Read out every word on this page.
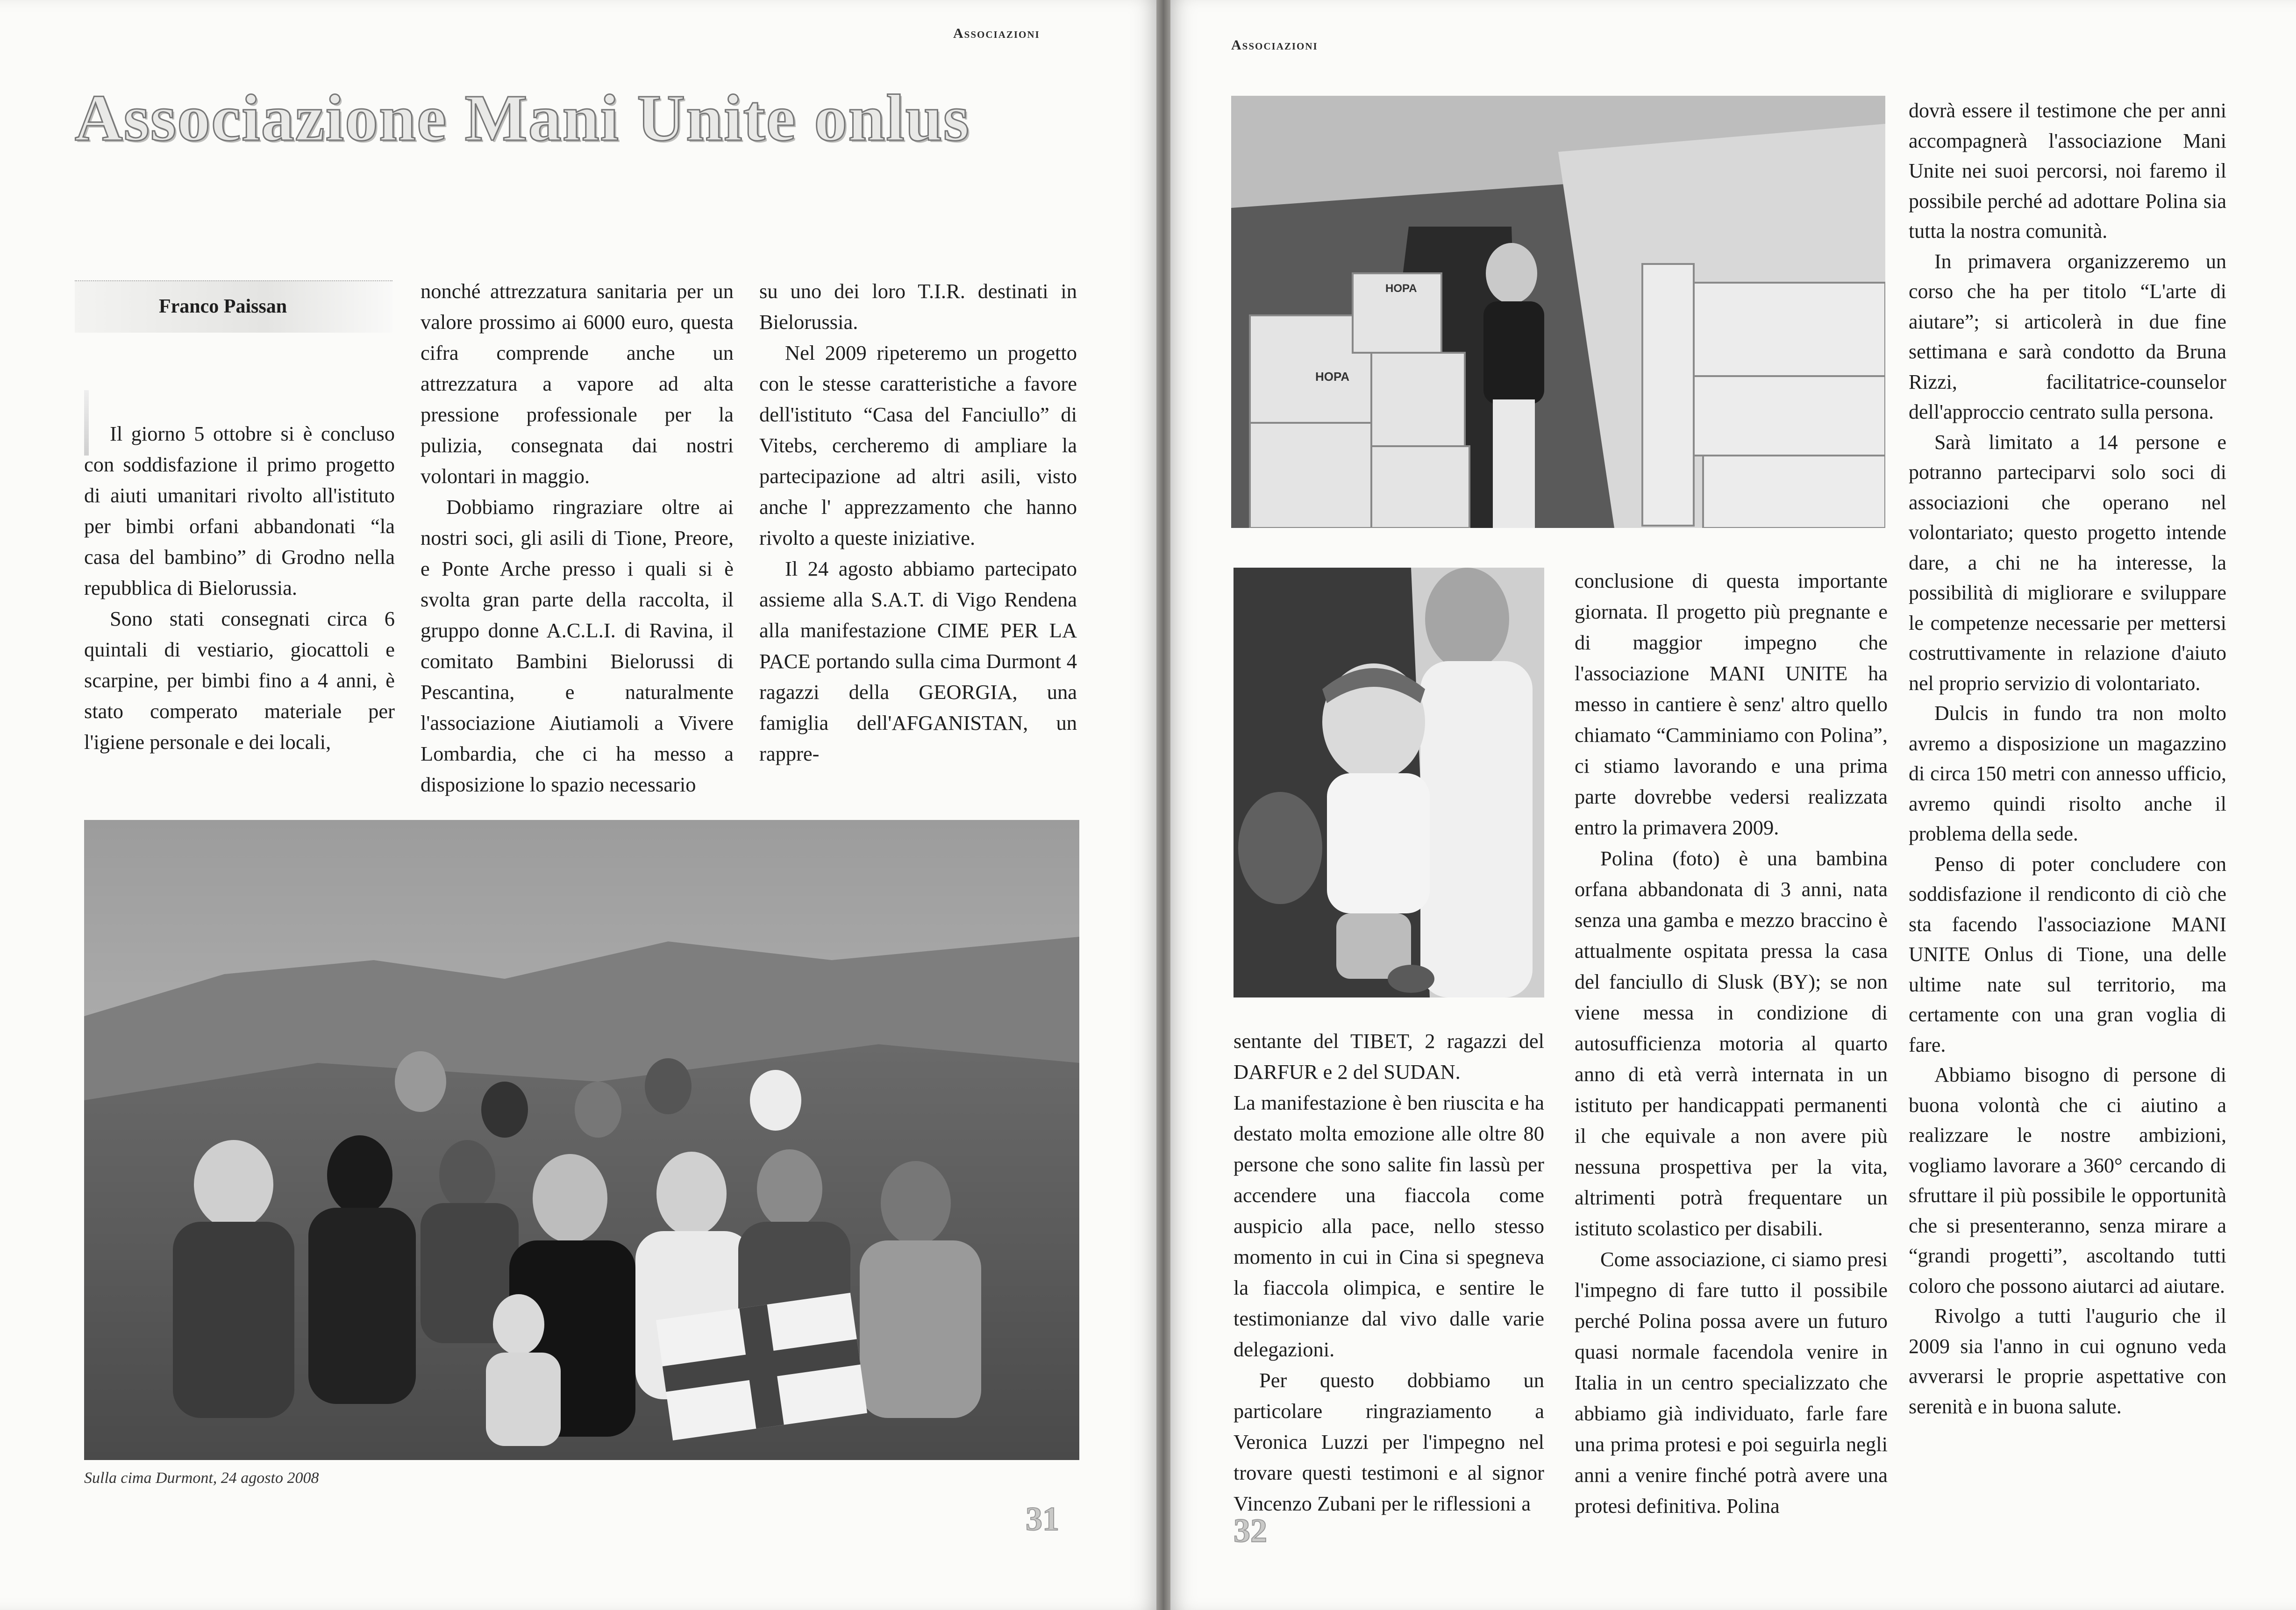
Associazioni
Associazione Mani Unite onlus
Franco Paissan

Il giorno 5 ottobre si è concluso con soddisfazione il primo progetto di aiuti umanitari rivolto all'istituto per bimbi orfani abbandonati “la casa del bambino” di Grodno nella repubblica di Bielorussia.

Sono stati consegnati circa 6 quintali di vestiario, giocattoli e scarpine, per bimbi fino a 4 anni, è stato comperato materiale per l'igiene personale e dei locali,

nonché attrezzatura sanitaria per un valore prossimo ai 6000 euro, questa cifra comprende anche un attrezzatura a vapore ad alta pressione professionale per la pulizia, consegnata dai nostri volontari in maggio.

Dobbiamo ringraziare oltre ai nostri soci, gli asili di Tione, Preore, e Ponte Arche presso i quali si è svolta gran parte della raccolta, il gruppo donne A.C.L.I. di Ravina, il comitato Bambini Bielorussi di Pescantina, e naturalmente l'associazione Aiutiamoli a Vivere Lombardia, che ci ha messo a disposizione lo spazio necessario

su uno dei loro T.I.R. destinati in Bielorussia.

Nel 2009 ripeteremo un progetto con le stesse caratteristiche a favore dell'istituto “Casa del Fanciullo” di Vitebs, cercheremo di ampliare la partecipazione ad altri asili, visto anche l' apprezzamento che hanno rivolto a queste iniziative.

Il 24 agosto abbiamo partecipato assieme alla S.A.T. di Vigo Rendena alla manifestazione CIME PER LA PACE portando sulla cima Durmont 4 ragazzi della GEORGIA, una famiglia dell'AFGANISTAN, un rappre-

Sulla cima Durmont, 24 agosto 2008
31
Associazioni
HOPA
HOPA

sentante del TIBET, 2 ragazzi del DARFUR e 2 del SUDAN.

La manifestazione è ben riuscita e ha destato molta emozione alle oltre 80 persone che sono salite fin lassù per accendere una fiaccola come auspicio alla pace, nello stesso momento in cui in Cina si spegneva la fiaccola olimpica, e sentire le testimonianze dal vivo dalle varie delegazioni.

Per questo dobbiamo un particolare ringraziamento a Veronica Luzzi per l'impegno nel trovare questi testimoni e al signor Vincenzo Zubani per le riflessioni a

conclusione di questa importante giornata. Il progetto più pregnante e di maggior impegno che l'associazione MANI UNITE ha messo in cantiere è senz' altro quello chiamato “Camminiamo con Polina”, ci stiamo lavorando e una prima parte dovrebbe vedersi realizzata entro la primavera 2009.

Polina (foto) è una bambina orfana abbandonata di 3 anni, nata senza una gamba e mezzo braccino è attualmente ospitata pressa la casa del fanciullo di Slusk (BY); se non viene messa in condizione di autosufficienza motoria al quarto anno di età verrà internata in un istituto per handicappati permanenti il che equivale a non avere più nessuna prospettiva per la vita, altrimenti potrà frequentare un istituto scolastico per disabili.

Come associazione, ci siamo presi l'impegno di fare tutto il possibile perché Polina possa avere un futuro quasi normale facendola venire in Italia in un centro specializzato che abbiamo già individuato, farle fare una prima protesi e poi seguirla negli anni a venire finché potrà avere una protesi definitiva. Polina

dovrà essere il testimone che per anni accompagnerà l'associazione Mani Unite nei suoi percorsi, noi faremo il possibile perché ad adottare Polina sia tutta la nostra comunità.

In primavera organizzeremo un corso che ha per titolo “L'arte di aiutare”; si articolerà in due fine settimana e sarà condotto da Bruna Rizzi, facilitatrice-counselor dell'approccio centrato sulla persona.

Sarà limitato a 14 persone e potranno parteciparvi solo soci di associazioni che operano nel volontariato; questo progetto intende dare, a chi ne ha interesse, la possibilità di migliorare e sviluppare le competenze necessarie per mettersi costruttivamente in relazione d'aiuto nel proprio servizio di volontariato.

Dulcis in fundo tra non molto avremo a disposizione un magazzino di circa 150 metri con annesso ufficio, avremo quindi risolto anche il problema della sede.

Penso di poter concludere con soddisfazione il rendiconto di ciò che sta facendo l'associazione MANI UNITE Onlus di Tione, una delle ultime nate sul territorio, ma certamente con una gran voglia di fare.

Abbiamo bisogno di persone di buona volontà che ci aiutino a realizzare le nostre ambizioni, vogliamo lavorare a 360° cercando di sfruttare il più possibile le opportunità che si presenteranno, senza mirare a “grandi progetti”, ascoltando tutti coloro che possono aiutarci ad aiutare.

Rivolgo a tutti l'augurio che il 2009 sia l'anno in cui ognuno veda avverarsi le proprie aspettative con serenità e in buona salute.

32
